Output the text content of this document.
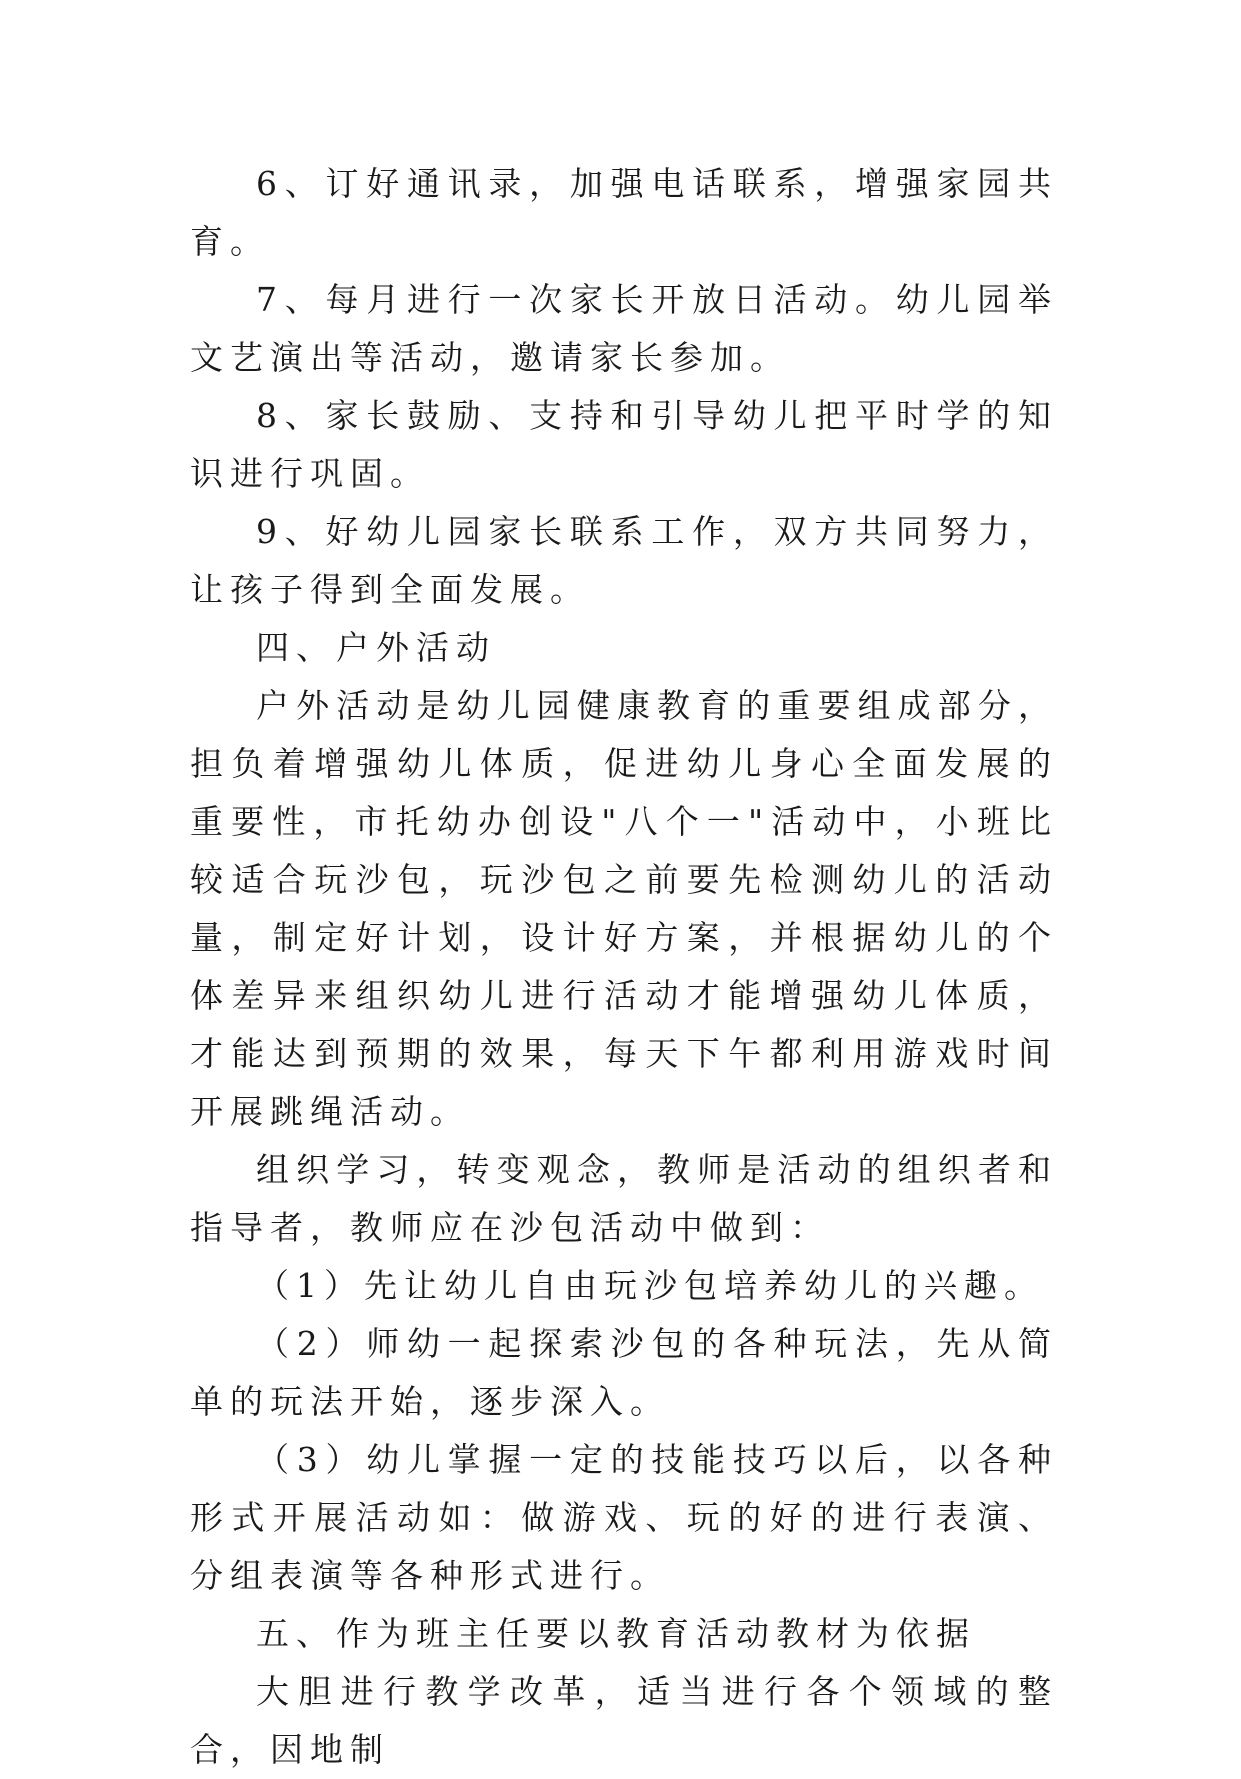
6、订好通讯录，加强电话联系，增强家园共育。

7、每月进行一次家长开放日活动。幼儿园举文艺演出等活动，邀请家长参加。

8、家长鼓励、支持和引导幼儿把平时学的知识进行巩固。

9、好幼儿园家长联系工作，双方共同努力，让孩子得到全面发展。

四、户外活动

户外活动是幼儿园健康教育的重要组成部分，担负着增强幼儿体质，促进幼儿身心全面发展的重要性，市托幼办创设"八个一"活动中，小班比较适合玩沙包，玩沙包之前要先检测幼儿的活动量，制定好计划，设计好方案，并根据幼儿的个体差异来组织幼儿进行活动才能增强幼儿体质，才能达到预期的效果，每天下午都利用游戏时间开展跳绳活动。

组织学习，转变观念，教师是活动的组织者和指导者，教师应在沙包活动中做到：

（1）先让幼儿自由玩沙包培养幼儿的兴趣。

（2）师幼一起探索沙包的各种玩法，先从简单的玩法开始，逐步深入。

（3）幼儿掌握一定的技能技巧以后，以各种形式开展活动如：做游戏、玩的好的进行表演、分组表演等各种形式进行。

五、作为班主任要以教育活动教材为依据

大胆进行教学改革，适当进行各个领域的整合，因地制
